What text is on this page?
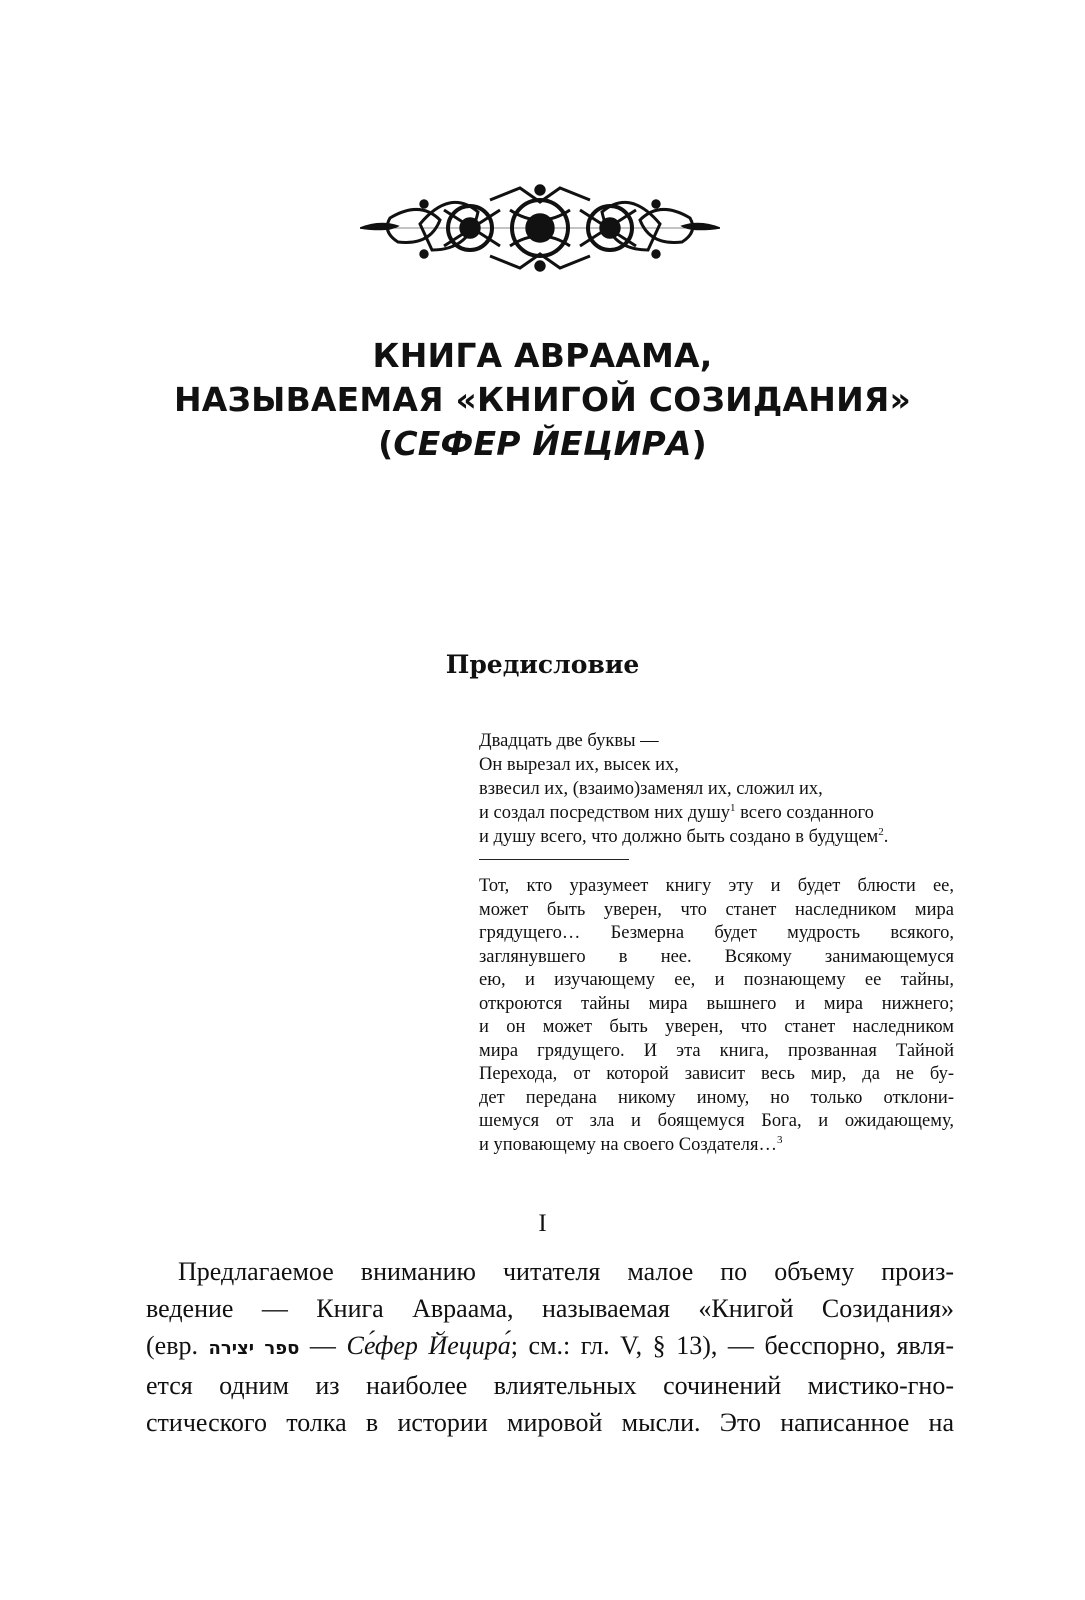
КНИГА АВРААМА,
НАЗЫВАЕМАЯ «КНИГОЙ СОЗИДАНИЯ»
(СЕФЕР ЙЕЦИРА)
Предисловие
Двадцать две буквы —
Он вырезал их, высек их,
взвесил их, (взаимо)заменял их, сложил их,
и создал посредством них душу$^1$ всего созданного
и душу всего, что должно быть создано в будущем$^2$.
Тот, кто уразумеет книгу эту и будет блюсти ее,
может быть уверен, что станет наследником мира
грядущего… Безмерна будет мудрость всякого,
заглянувшего в нее. Всякому занимающемуся
ею, и изучающему ее, и познающему ее тайны,
откроются тайны мира вышнего и мира нижнего;
и он может быть уверен, что станет наследником
мира грядущего. И эта книга, прозванная Тайной
Перехода, от которой зависит весь мир, да не бу-
дет передана никому иному, но только отклони-
шемуся от зла и боящемуся Бога, и ожидающему,
и уповающему на своего Создателя…$^3$
I
Предлагаемое вниманию читателя малое по объему произ-
ведение — Книга Авраама, называемая «Книгой Созидания»
(евр. ספר יצירה — Се́фер Йецира́; см.: гл. V, § 13), — бесспорно, явля-
ется одним из наиболее влиятельных сочинений мистико-гно-
стического толка в истории мировой мысли. Это написанное на
